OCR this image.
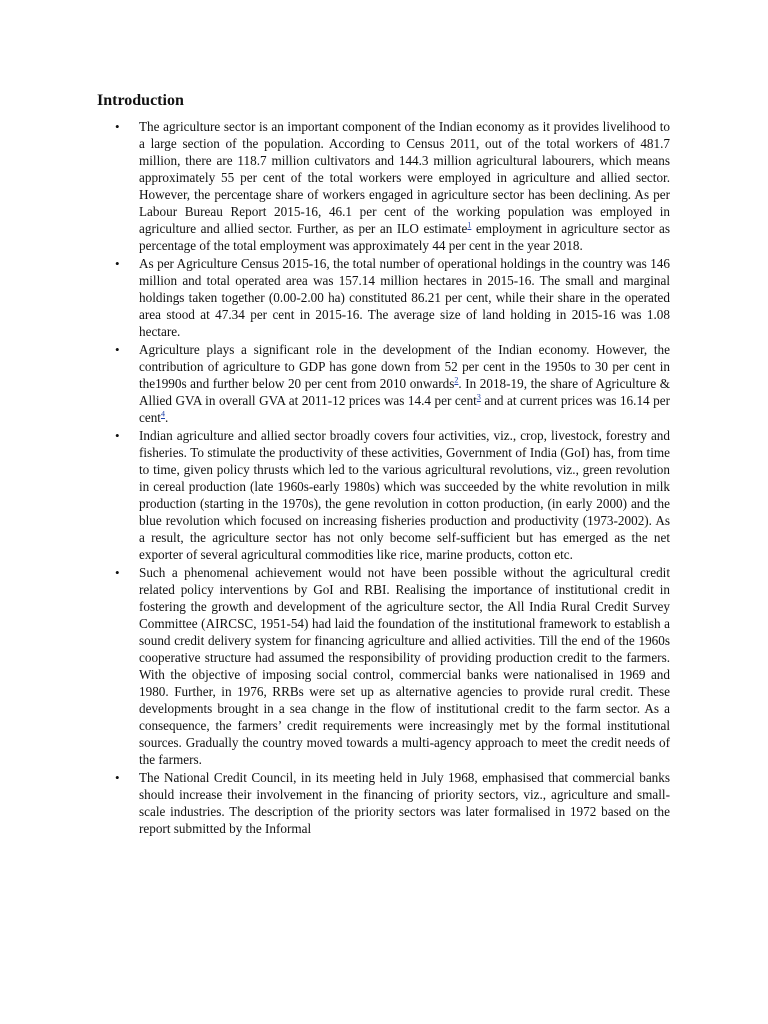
Introduction
• The agriculture sector is an important component of the Indian economy as it provides livelihood to a large section of the population. According to Census 2011, out of the total workers of 481.7 million, there are 118.7 million cultivators and 144.3 million agricultural labourers, which means approximately 55 per cent of the total workers were employed in agriculture and allied sector. However, the percentage share of workers engaged in agriculture sector has been declining. As per Labour Bureau Report 2015-16, 46.1 per cent of the working population was employed in agriculture and allied sector. Further, as per an ILO estimate$^1$ employment in agriculture sector as percentage of the total employment was approximately 44 per cent in the year 2018.

• As per Agriculture Census 2015-16, the total number of operational holdings in the country was 146 million and total operated area was 157.14 million hectares in 2015-16. The small and marginal holdings taken together (0.00-2.00 ha) constituted 86.21 per cent, while their share in the operated area stood at 47.34 per cent in 2015-16. The average size of land holding in 2015-16 was 1.08 hectare.

• Agriculture plays a significant role in the development of the Indian economy. However, the contribution of agriculture to GDP has gone down from 52 per cent in the 1950s to 30 per cent in the1990s and further below 20 per cent from 2010 onwards$^2$. In 2018-19, the share of Agriculture & Allied GVA in overall GVA at 2011-12 prices was 14.4 per cent$^3$ and at current prices was 16.14 per cent$^4$.

• Indian agriculture and allied sector broadly covers four activities, viz., crop, livestock, forestry and fisheries. To stimulate the productivity of these activities, Government of India (GoI) has, from time to time, given policy thrusts which led to the various agricultural revolutions, viz., green revolution in cereal production (late 1960s-early 1980s) which was succeeded by the white revolution in milk production (starting in the 1970s), the gene revolution in cotton production, (in early 2000) and the blue revolution which focused on increasing fisheries production and productivity (1973-2002). As a result, the agriculture sector has not only become self-sufficient but has emerged as the net exporter of several agricultural commodities like rice, marine products, cotton etc.

• Such a phenomenal achievement would not have been possible without the agricultural credit related policy interventions by GoI and RBI. Realising the importance of institutional credit in fostering the growth and development of the agriculture sector, the All India Rural Credit Survey Committee (AIRCSC, 1951-54) had laid the foundation of the institutional framework to establish a sound credit delivery system for financing agriculture and allied activities. Till the end of the 1960s cooperative structure had assumed the responsibility of providing production credit to the farmers. With the objective of imposing social control, commercial banks were nationalised in 1969 and 1980. Further, in 1976, RRBs were set up as alternative agencies to provide rural credit. These developments brought in a sea change in the flow of institutional credit to the farm sector. As a consequence, the farmers’ credit requirements were increasingly met by the formal institutional sources. Gradually the country moved towards a multi-agency approach to meet the credit needs of the farmers.

• The National Credit Council, in its meeting held in July 1968, emphasised that commercial banks should increase their involvement in the financing of priority sectors, viz., agriculture and small-scale industries. The description of the priority sectors was later formalised in 1972 based on the report submitted by the Informal
